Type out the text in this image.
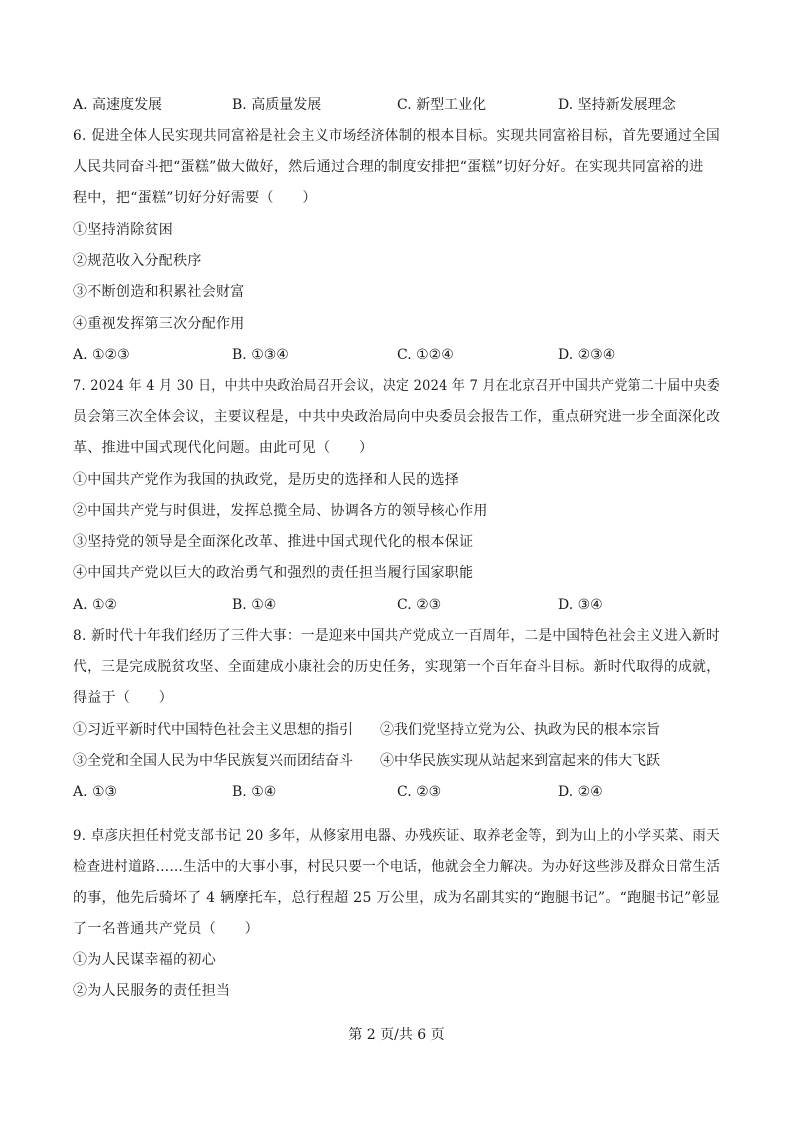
A. 高速度发展	B. 高质量发展	C. 新型工业化	D. 坚持新发展理念
6. 促进全体人民实现共同富裕是社会主义市场经济体制的根本目标。实现共同富裕目标，首先要通过全国
人民共同奋斗把“蛋糕”做大做好，然后通过合理的制度安排把“蛋糕”切好分好。在实现共同富裕的进
程中，把“蛋糕”切好分好需要（　　）
①坚持消除贫困
②规范收入分配秩序
③不断创造和积累社会财富
④重视发挥第三次分配作用
A. ①②③	B. ①③④	C. ①②④	D. ②③④
7. 2024 年 4 月 30 日，中共中央政治局召开会议，决定 2024 年 7 月在北京召开中国共产党第二十届中央委
员会第三次全体会议，主要议程是，中共中央政治局向中央委员会报告工作，重点研究进一步全面深化改
革、推进中国式现代化问题。由此可见（　　）
①中国共产党作为我国的执政党，是历史的选择和人民的选择
②中国共产党与时俱进，发挥总揽全局、协调各方的领导核心作用
③坚持党的领导是全面深化改革、推进中国式现代化的根本保证
④中国共产党以巨大的政治勇气和强烈的责任担当履行国家职能
A. ①②	B. ①④	C. ②③	D. ③④
8. 新时代十年我们经历了三件大事：一是迎来中国共产党成立一百周年，二是中国特色社会主义进入新时
代，三是完成脱贫攻坚、全面建成小康社会的历史任务，实现第一个百年奋斗目标。新时代取得的成就，
得益于（　　）
①习近平新时代中国特色社会主义思想的指引 ②我们党坚持立党为公、执政为民的根本宗旨
③全党和全国人民为中华民族复兴而团结奋斗 ④中华民族实现从站起来到富起来的伟大飞跃
A. ①③	B. ①④	C. ②③	D. ②④
9. 卓彦庆担任村党支部书记 20 多年，从修家用电器、办残疾证、取养老金等，到为山上的小学买菜、雨天
检查进村道路……生活中的大事小事，村民只要一个电话，他就会全力解决。为办好这些涉及群众日常生活
的事，他先后骑坏了 4 辆摩托车，总行程超 25 万公里，成为名副其实的“跑腿书记”。“跑腿书记”彰显
了一名普通共产党员（　　）
①为人民谋幸福的初心
②为人民服务的责任担当
第 2 页/共 6 页
